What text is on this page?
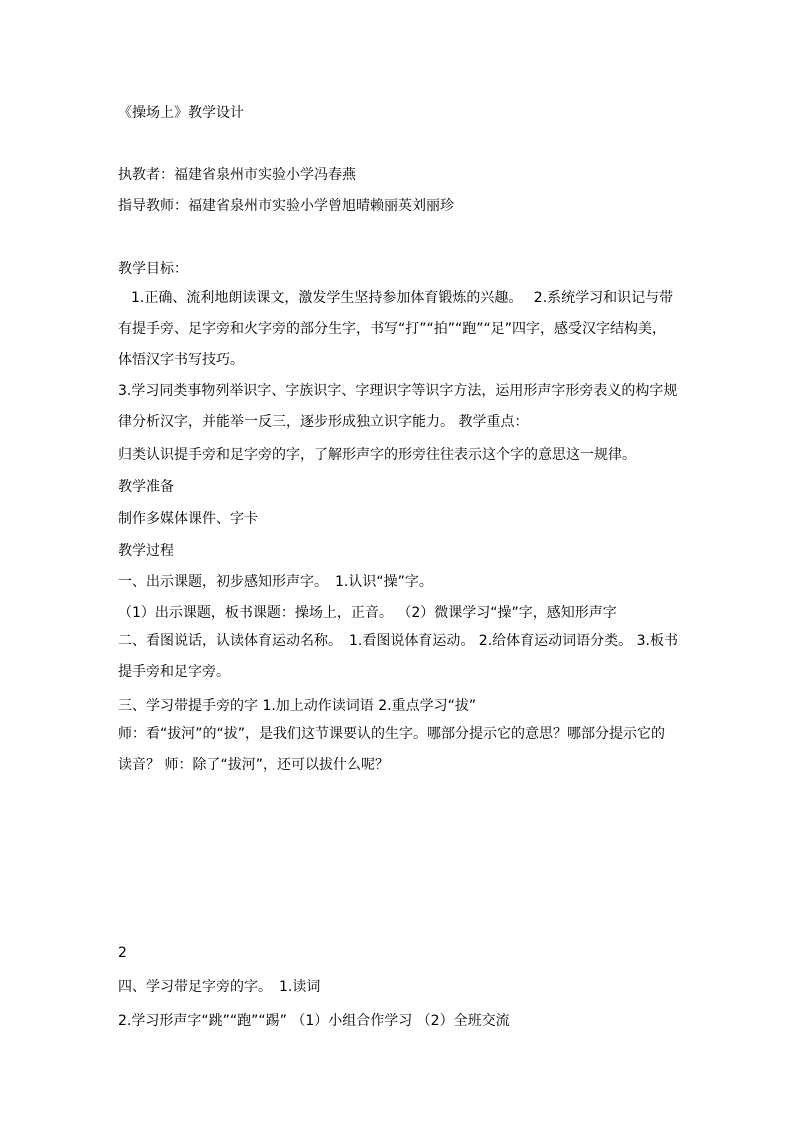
《操场上》教学设计
执教者：福建省泉州市实验小学冯春燕
指导教师：福建省泉州市实验小学曾旭晴赖丽英刘丽珍
教学目标：
1.正确、流利地朗读课文，激发学生坚持参加体育锻炼的兴趣。　 2.系统学习和识记与带有提手旁、足字旁和火字旁的部分生字，书写“打”“拍”“跑”“足”四字，感受汉字结构美，体悟汉字书写技巧。
3.学习同类事物列举识字、字族识字、字理识字等识字方法，运用形声字形旁表义的构字规律分析汉字，并能举一反三，逐步形成独立识字能力。 教学重点：
归类认识提手旁和足字旁的字，了解形声字的形旁往往表示这个字的意思这一规律。
教学准备
制作多媒体课件、字卡
教学过程
一、出示课题，初步感知形声字。　1.认识“操”字。
（1）出示课题，板书课题：操场上，正音。 （2）微课学习“操”字，感知形声字
二、看图说话，认读体育运动名称。　1.看图说体育运动。 2.给体育运动词语分类。 3.板书提手旁和足字旁。
三、学习带提手旁的字 1.加上动作读词语 2.重点学习“拔”
师：看“拔河”的“拔”，是我们这节课要认的生字。哪部分提示它的意思？哪部分提示它的读音？ 师：除了“拔河”，还可以拔什么呢？
2
四、学习带足字旁的字。　1.读词
2.学习形声字“跳”“跑”“踢” （1）小组合作学习 （2）全班交流
